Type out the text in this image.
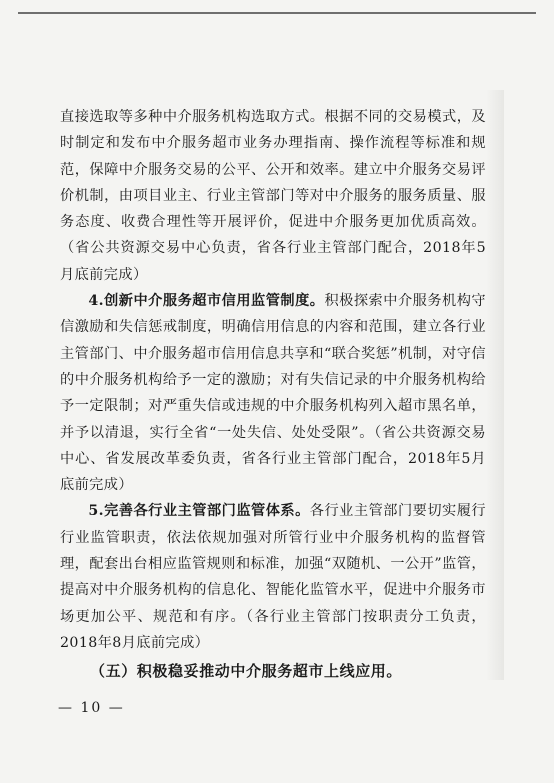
直接选取等多种中介服务机构选取方式。根据不同的交易模式，及时制定和发布中介服务超市业务办理指南、操作流程等标准和规范，保障中介服务交易的公平、公开和效率。建立中介服务交易评价机制，由项目业主、行业主管部门等对中介服务的服务质量、服务态度、收费合理性等开展评价，促进中介服务更加优质高效。（省公共资源交易中心负责，省各行业主管部门配合，2018年5月底前完成）

4.创新中介服务超市信用监管制度。积极探索中介服务机构守信激励和失信惩戒制度，明确信用信息的内容和范围，建立各行业主管部门、中介服务超市信用信息共享和“联合奖惩”机制，对守信的中介服务机构给予一定的激励；对有失信记录的中介服务机构给予一定限制；对严重失信或违规的中介服务机构列入超市黑名单，并予以清退，实行全省“一处失信、处处受限”。（省公共资源交易中心、省发展改革委负责，省各行业主管部门配合，2018年5月底前完成）

5.完善各行业主管部门监管体系。各行业主管部门要切实履行行业监管职责，依法依规加强对所管行业中介服务机构的监督管理，配套出台相应监管规则和标准，加强“双随机、一公开”监管，提高对中介服务机构的信息化、智能化监管水平，促进中介服务市场更加公平、规范和有序。（各行业主管部门按职责分工负责，2018年8月底前完成）

（五）积极稳妥推动中介服务超市上线应用。

— 10 —
